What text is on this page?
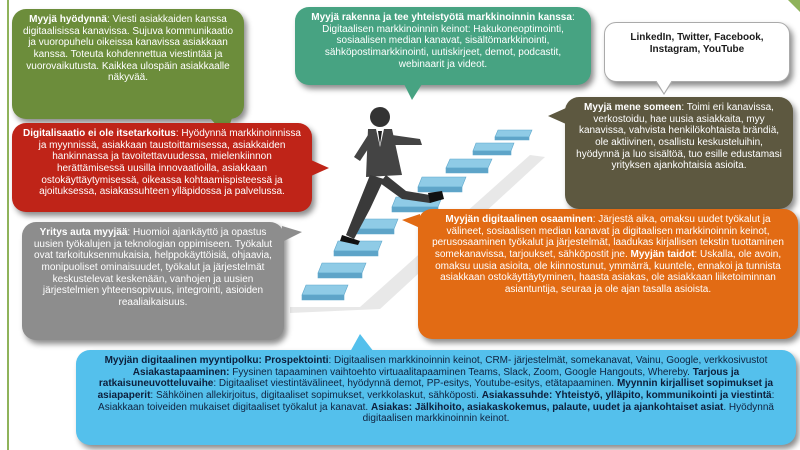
Myyjä hyödynnä: Viesti asiakkaiden kanssa digitaalisissa kanavissa. Sujuva kommunikaatio ja vuoropuhelu oikeissa kanavissa asiakkaan kanssa. Toteuta kohdennettua viestintää ja vuorovaikutusta. Kaikkea ulospäin asiakkaalle näkyvää.
Myyjä rakenna ja tee yhteistyötä markkinoinnin kanssa: Digitaalisen markkinoinnin keinot: Hakukoneoptimointi, sosiaalisen median kanavat, sisältömarkkinointi, sähköpostimarkkinointi, uutiskirjeet, demot, podcastit, webinaarit ja videot.
LinkedIn, Twitter, Facebook, Instagram, YouTube
Myyjä mene someen: Toimi eri kanavissa, verkostoidu, hae uusia asiakkaita, myy kanavissa, vahvista henkilökohtaista brändiä, ole aktiivinen, osallistu keskusteluihin, hyödynnä ja luo sisältöä, tuo esille edustamasi yrityksen ajankohtaisia asioita.
Digitalisaatio ei ole itsetarkoitus: Hyödynnä markkinoinnissa ja myynnissä, asiakkaan taustoittamisessa, asiakkaiden hankinnassa ja tavoitettavuudessa, mielenkiinnon herättämisessä uusilla innovaatioilla, asiakkaan ostokäyttäytymisessä, oikeassa kohtaamispisteessä ja ajoituksessa, asiakassuhteen ylläpidossa ja palvelussa.
Yritys auta myyjää: Huomioi ajankäyttö ja opastus uusien työkalujen ja teknologian oppimiseen. Työkalut ovat tarkoituksenmukaisia, helppokäyttöisiä, ohjaavia, monipuoliset ominaisuudet, työkalut ja järjestelmät keskustelevat keskenään, vanhojen ja uusien järjestelmien yhteensopivuus, integrointi, asioiden reaaliaikaisuus.
Myyjän digitaalinen osaaminen: Järjestä aika, omaksu uudet työkalut ja välineet, sosiaalisen median kanavat ja digitaalisen markkinoinnin keinot, perusosaaminen työkalut ja järjestelmät, laadukas kirjallisen tekstin tuottaminen somekanavissa, tarjoukset, sähköpostit jne. Myyjän taidot: Uskalla, ole avoin, omaksu uusia asioita, ole kiinnostunut, ymmärrä, kuuntele, ennakoi ja tunnista asiakkaan ostokäyttäytyminen, haasta asiakas, ole asiakkaan liiketoiminnan asiantuntija, seuraa ja ole ajan tasalla asioista.
Myyjän digitaalinen myyntipolku: Prospektointi: Digitaalisen markkinoinnin keinot, CRM- järjestelmät, somekanavat, Vainu, Google, verkkosivustot Asiakastapaaminen: Fyysinen tapaaminen vaihtoehto virtuaalitapaaminen Teams, Slack, Zoom, Google Hangouts, Whereby. Tarjous ja ratkaisuneuvotteluvaihe: Digitaaliset viestintävälineet, hyödynnä demot, PP-esitys, Youtube-esitys, etätapaaminen. Myynnin kirjalliset sopimukset ja asiapaperit: Sähköinen allekirjoitus, digitaaliset sopimukset, verkkolaskut, sähköposti. Asiakassuhde: Yhteistyö, ylläpito, kommunikointi ja viestintä: Asiakkaan toiveiden mukaiset digitaaliset työkalut ja kanavat. Asiakas: Jälkihoito, asiakaskokemus, palaute, uudet ja ajankohtaiset asiat. Hyödynnä digitaalisen markkinoinnin keinot.
